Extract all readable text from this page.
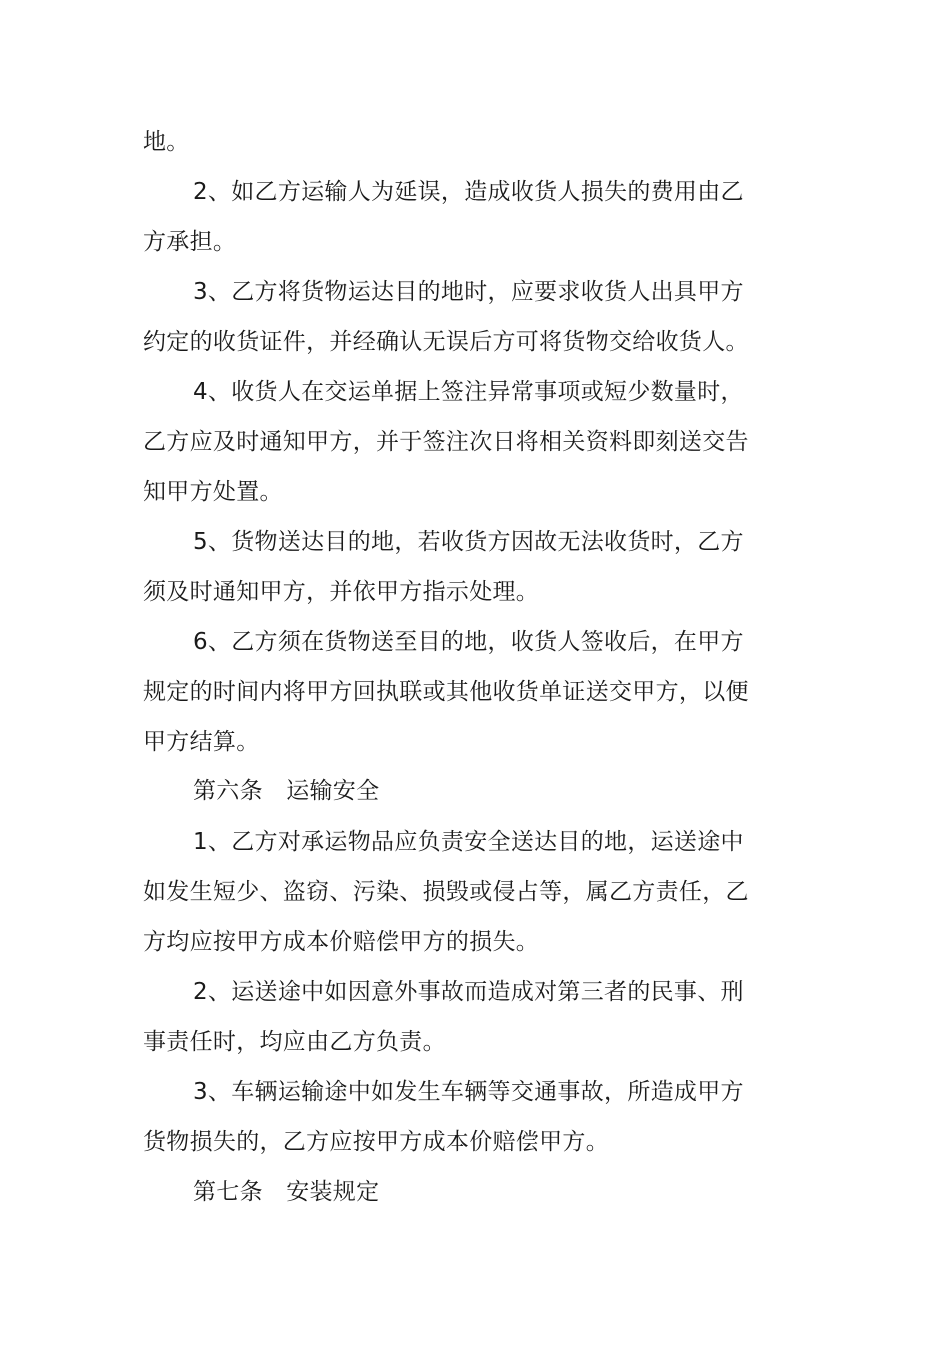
地。
2、如乙方运输人为延误，造成收货人损失的费用由乙
方承担。
3、乙方将货物运达目的地时，应要求收货人出具甲方
约定的收货证件，并经确认无误后方可将货物交给收货人。
4、收货人在交运单据上签注异常事项或短少数量时，
乙方应及时通知甲方，并于签注次日将相关资料即刻送交告
知甲方处置。
5、货物送达目的地，若收货方因故无法收货时，乙方
须及时通知甲方，并依甲方指示处理。
6、乙方须在货物送至目的地，收货人签收后，在甲方
规定的时间内将甲方回执联或其他收货单证送交甲方，以便
甲方结算。
第六条　运输安全
1、乙方对承运物品应负责安全送达目的地，运送途中
如发生短少、盗窃、污染、损毁或侵占等，属乙方责任，乙
方均应按甲方成本价赔偿甲方的损失。
2、运送途中如因意外事故而造成对第三者的民事、刑
事责任时，均应由乙方负责。
3、车辆运输途中如发生车辆等交通事故，所造成甲方
货物损失的，乙方应按甲方成本价赔偿甲方。
第七条　安装规定
